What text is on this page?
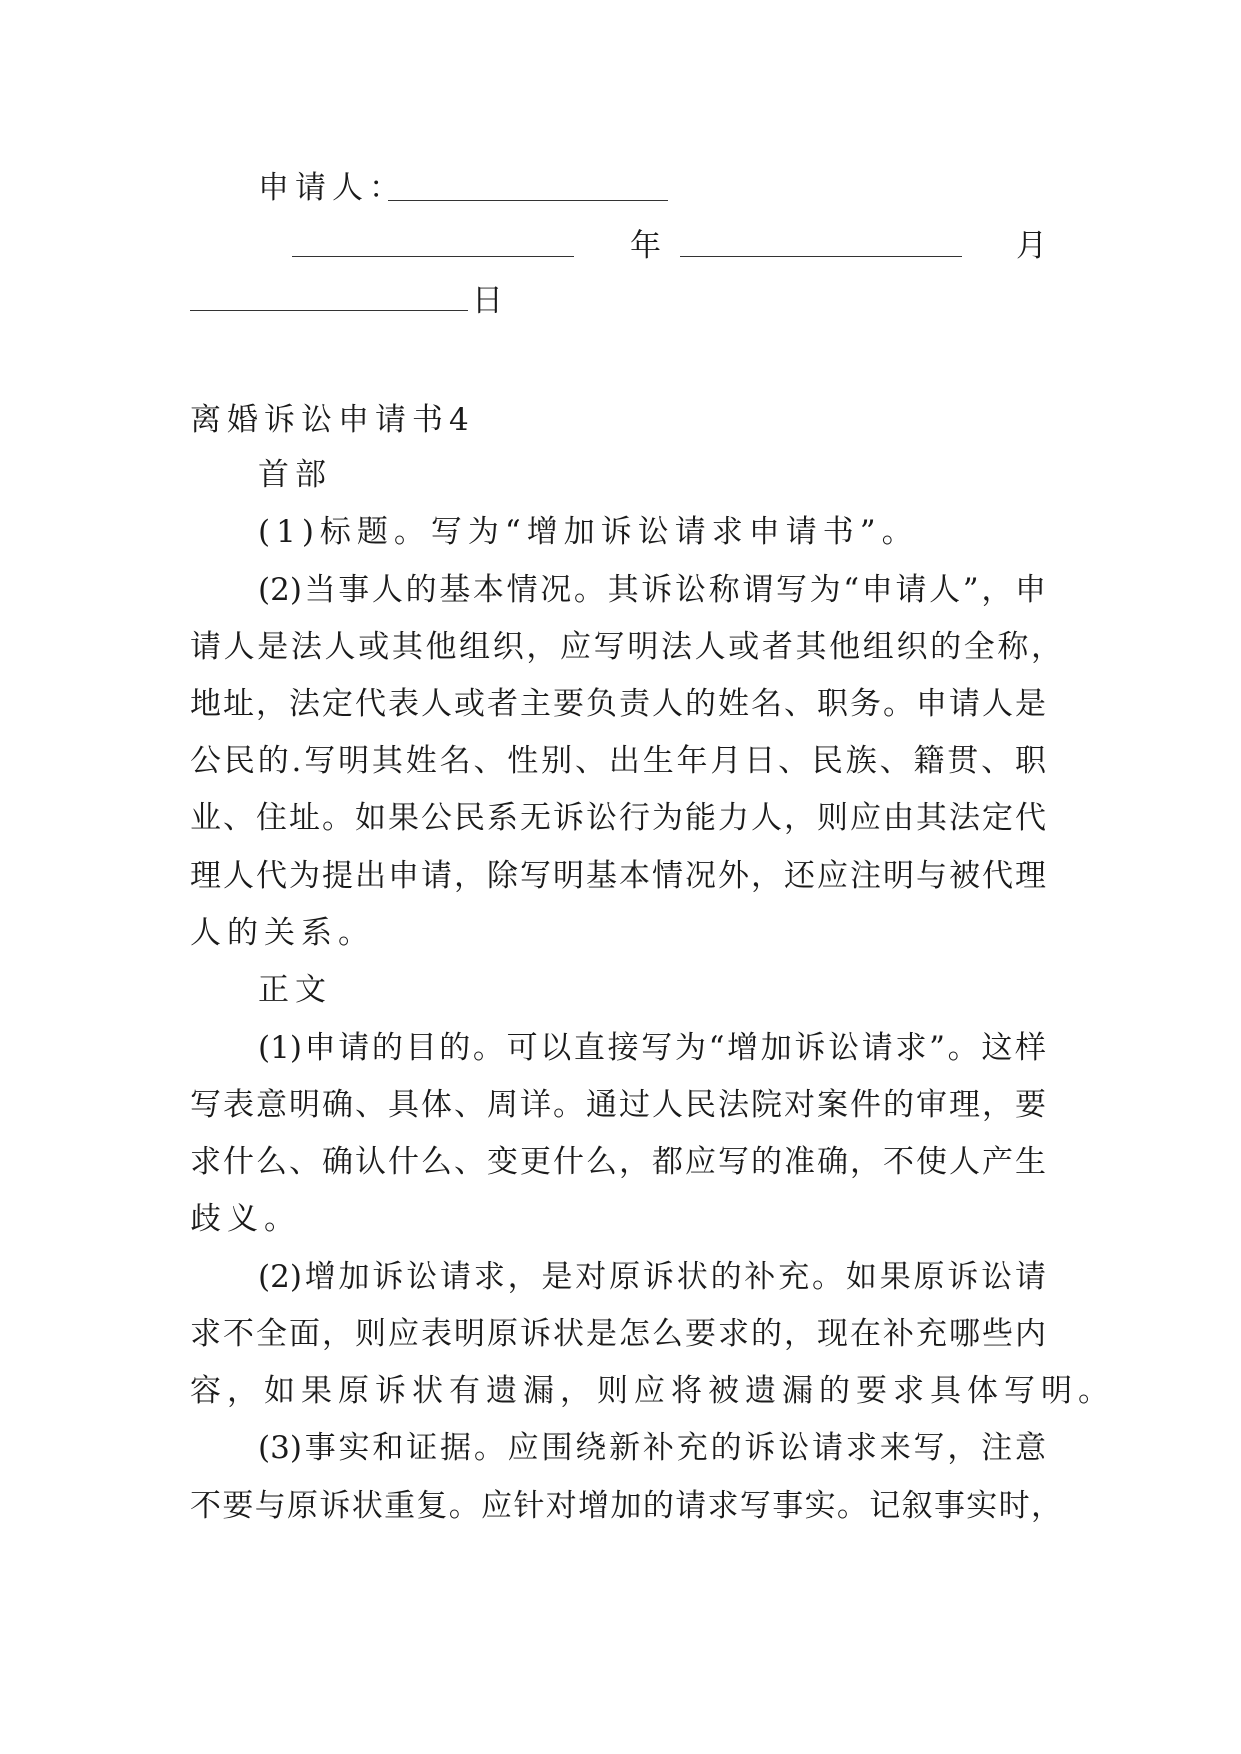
申请人：
年	月
日
离婚诉讼申请书4
首部
(1)标题。写为“增加诉讼请求申请书”。
(2)当事人的基本情况。其诉讼称谓写为“申请人”，申
请人是法人或其他组织，应写明法人或者其他组织的全称，
地址，法定代表人或者主要负责人的姓名、职务。申请人是
公民的.写明其姓名、性别、出生年月日、民族、籍贯、职
业、住址。如果公民系无诉讼行为能力人，则应由其法定代
理人代为提出申请，除写明基本情况外，还应注明与被代理
人的关系。
正文
(1)申请的目的。可以直接写为“增加诉讼请求”。这样
写表意明确、具体、周详。通过人民法院对案件的审理，要
求什么、确认什么、变更什么，都应写的准确，不使人产生
歧义。
(2)增加诉讼请求，是对原诉状的补充。如果原诉讼请
求不全面，则应表明原诉状是怎么要求的，现在补充哪些内
容，如果原诉状有遗漏，则应将被遗漏的要求具体写明。
(3)事实和证据。应围绕新补充的诉讼请求来写，注意
不要与原诉状重复。应针对增加的请求写事实。记叙事实时，
